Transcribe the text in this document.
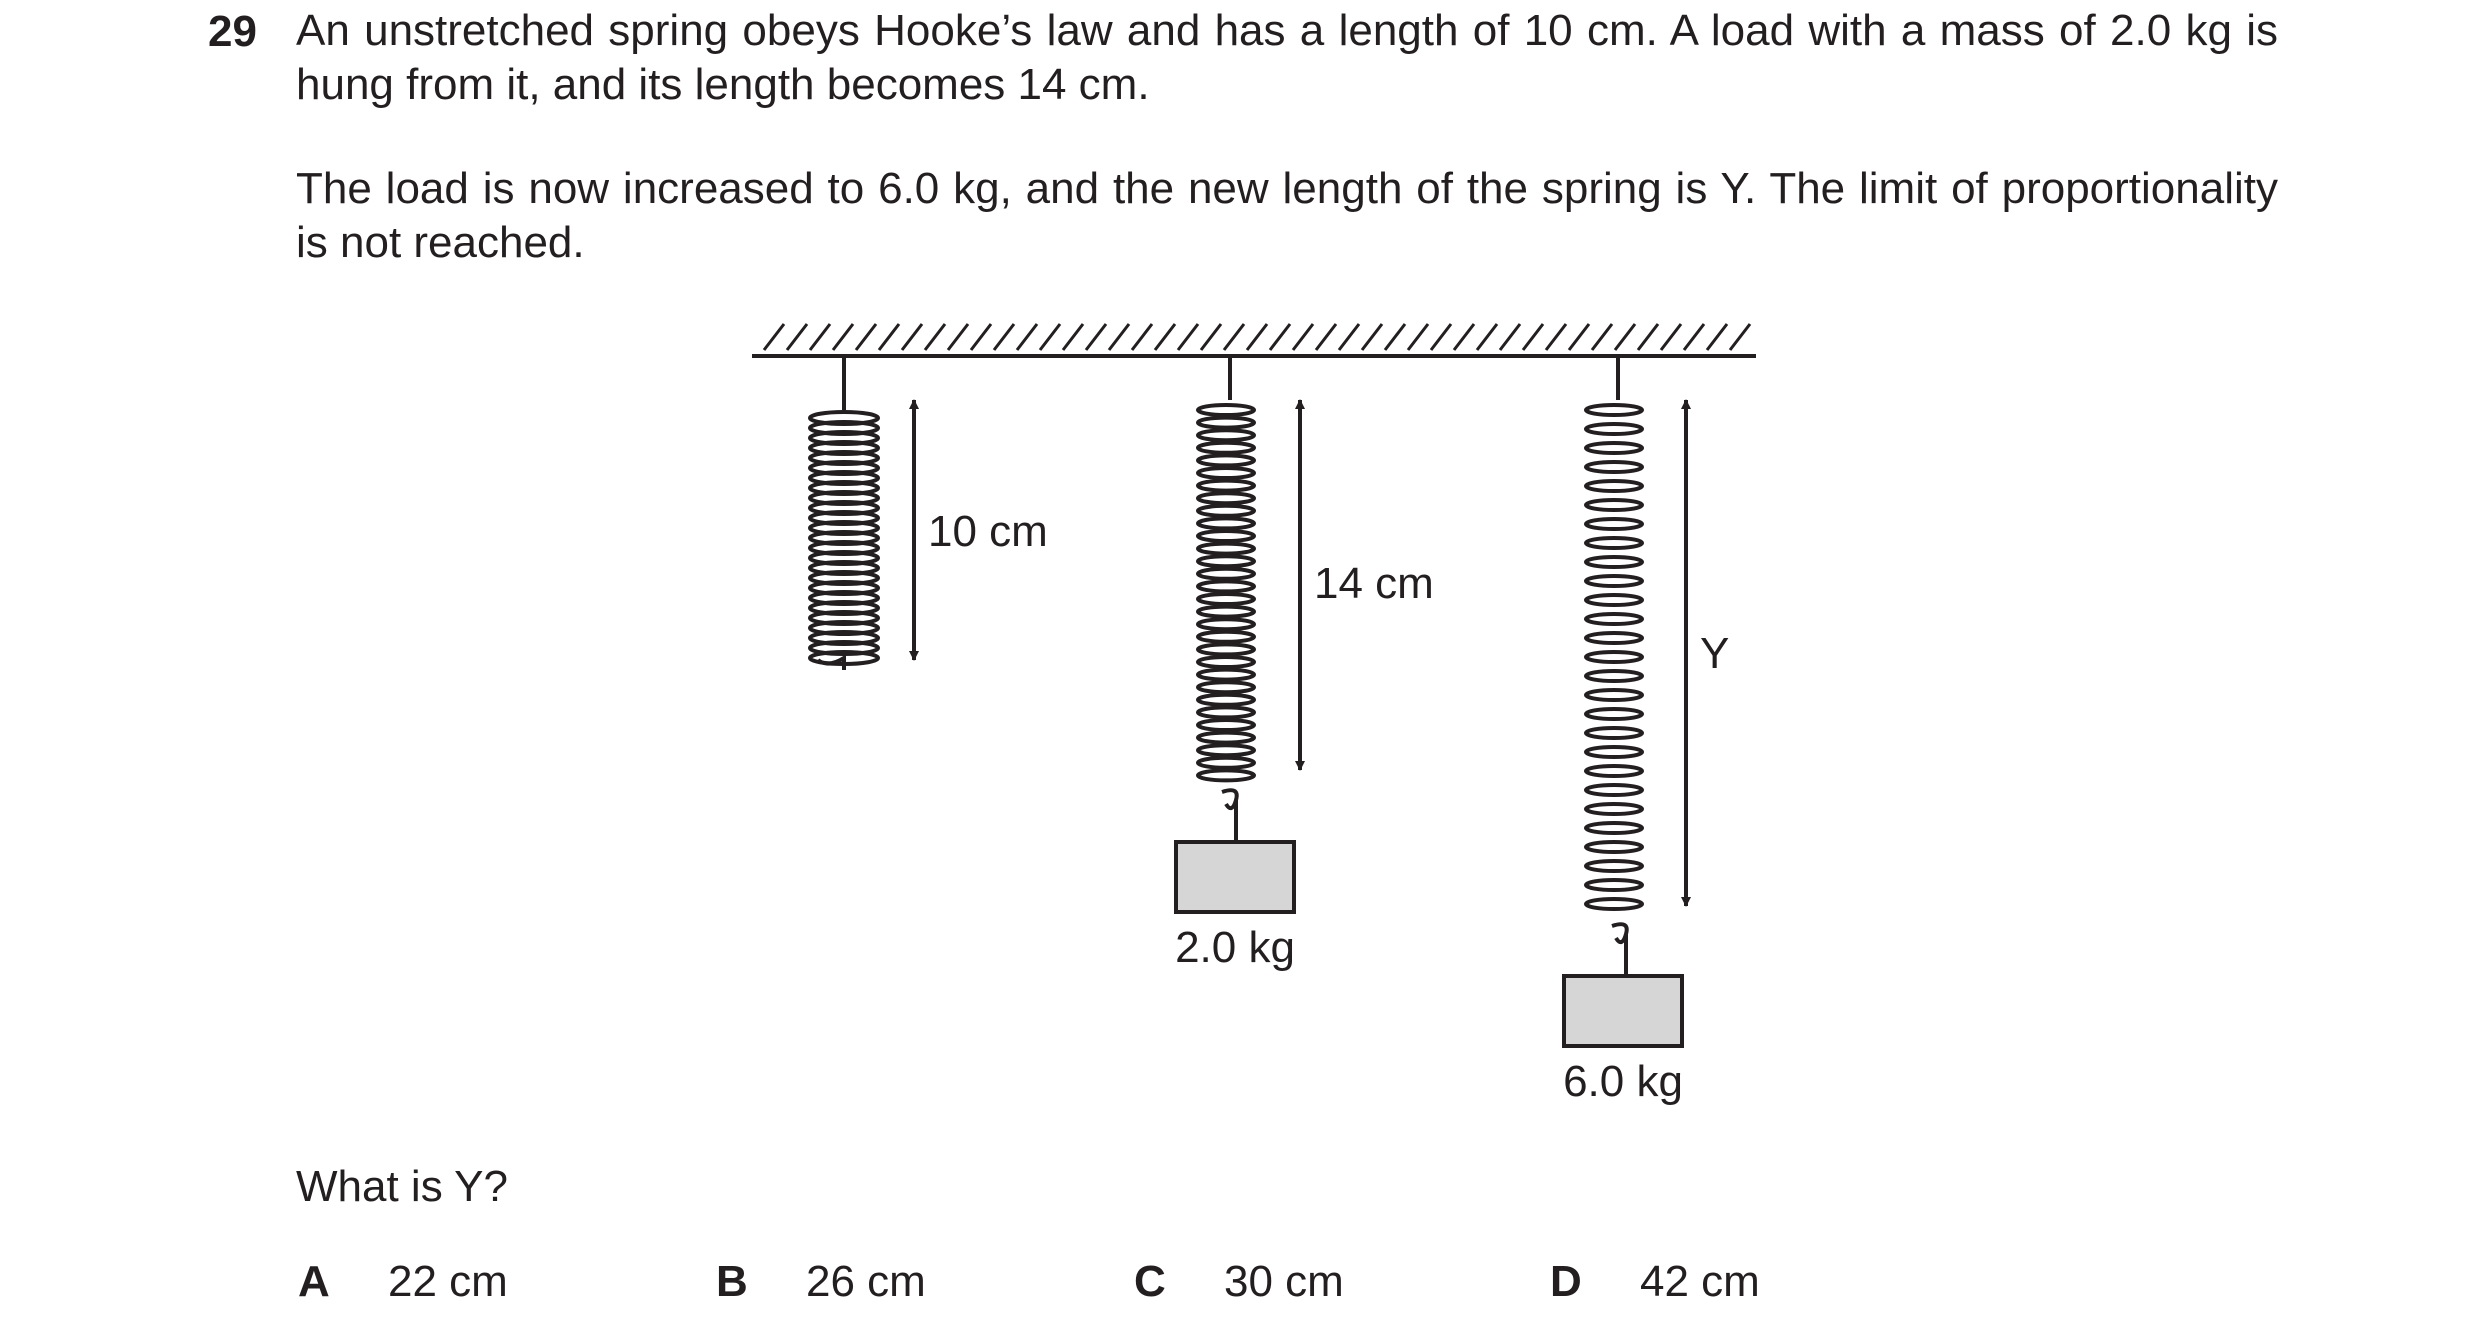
29 An unstretched spring obeys Hooke’s law and has a length of 10 cm. A load with a mass of 2.0 kg is hung from it, and its length becomes 14 cm.

The load is now increased to 6.0 kg, and the new length of the spring is Y. The limit of proportionality is not reached.

10 cm
2.0 kg
14 cm
6.0 kg
Y
What is Y?
A 22 cm	B 26 cm	C 30 cm	D 42 cm
